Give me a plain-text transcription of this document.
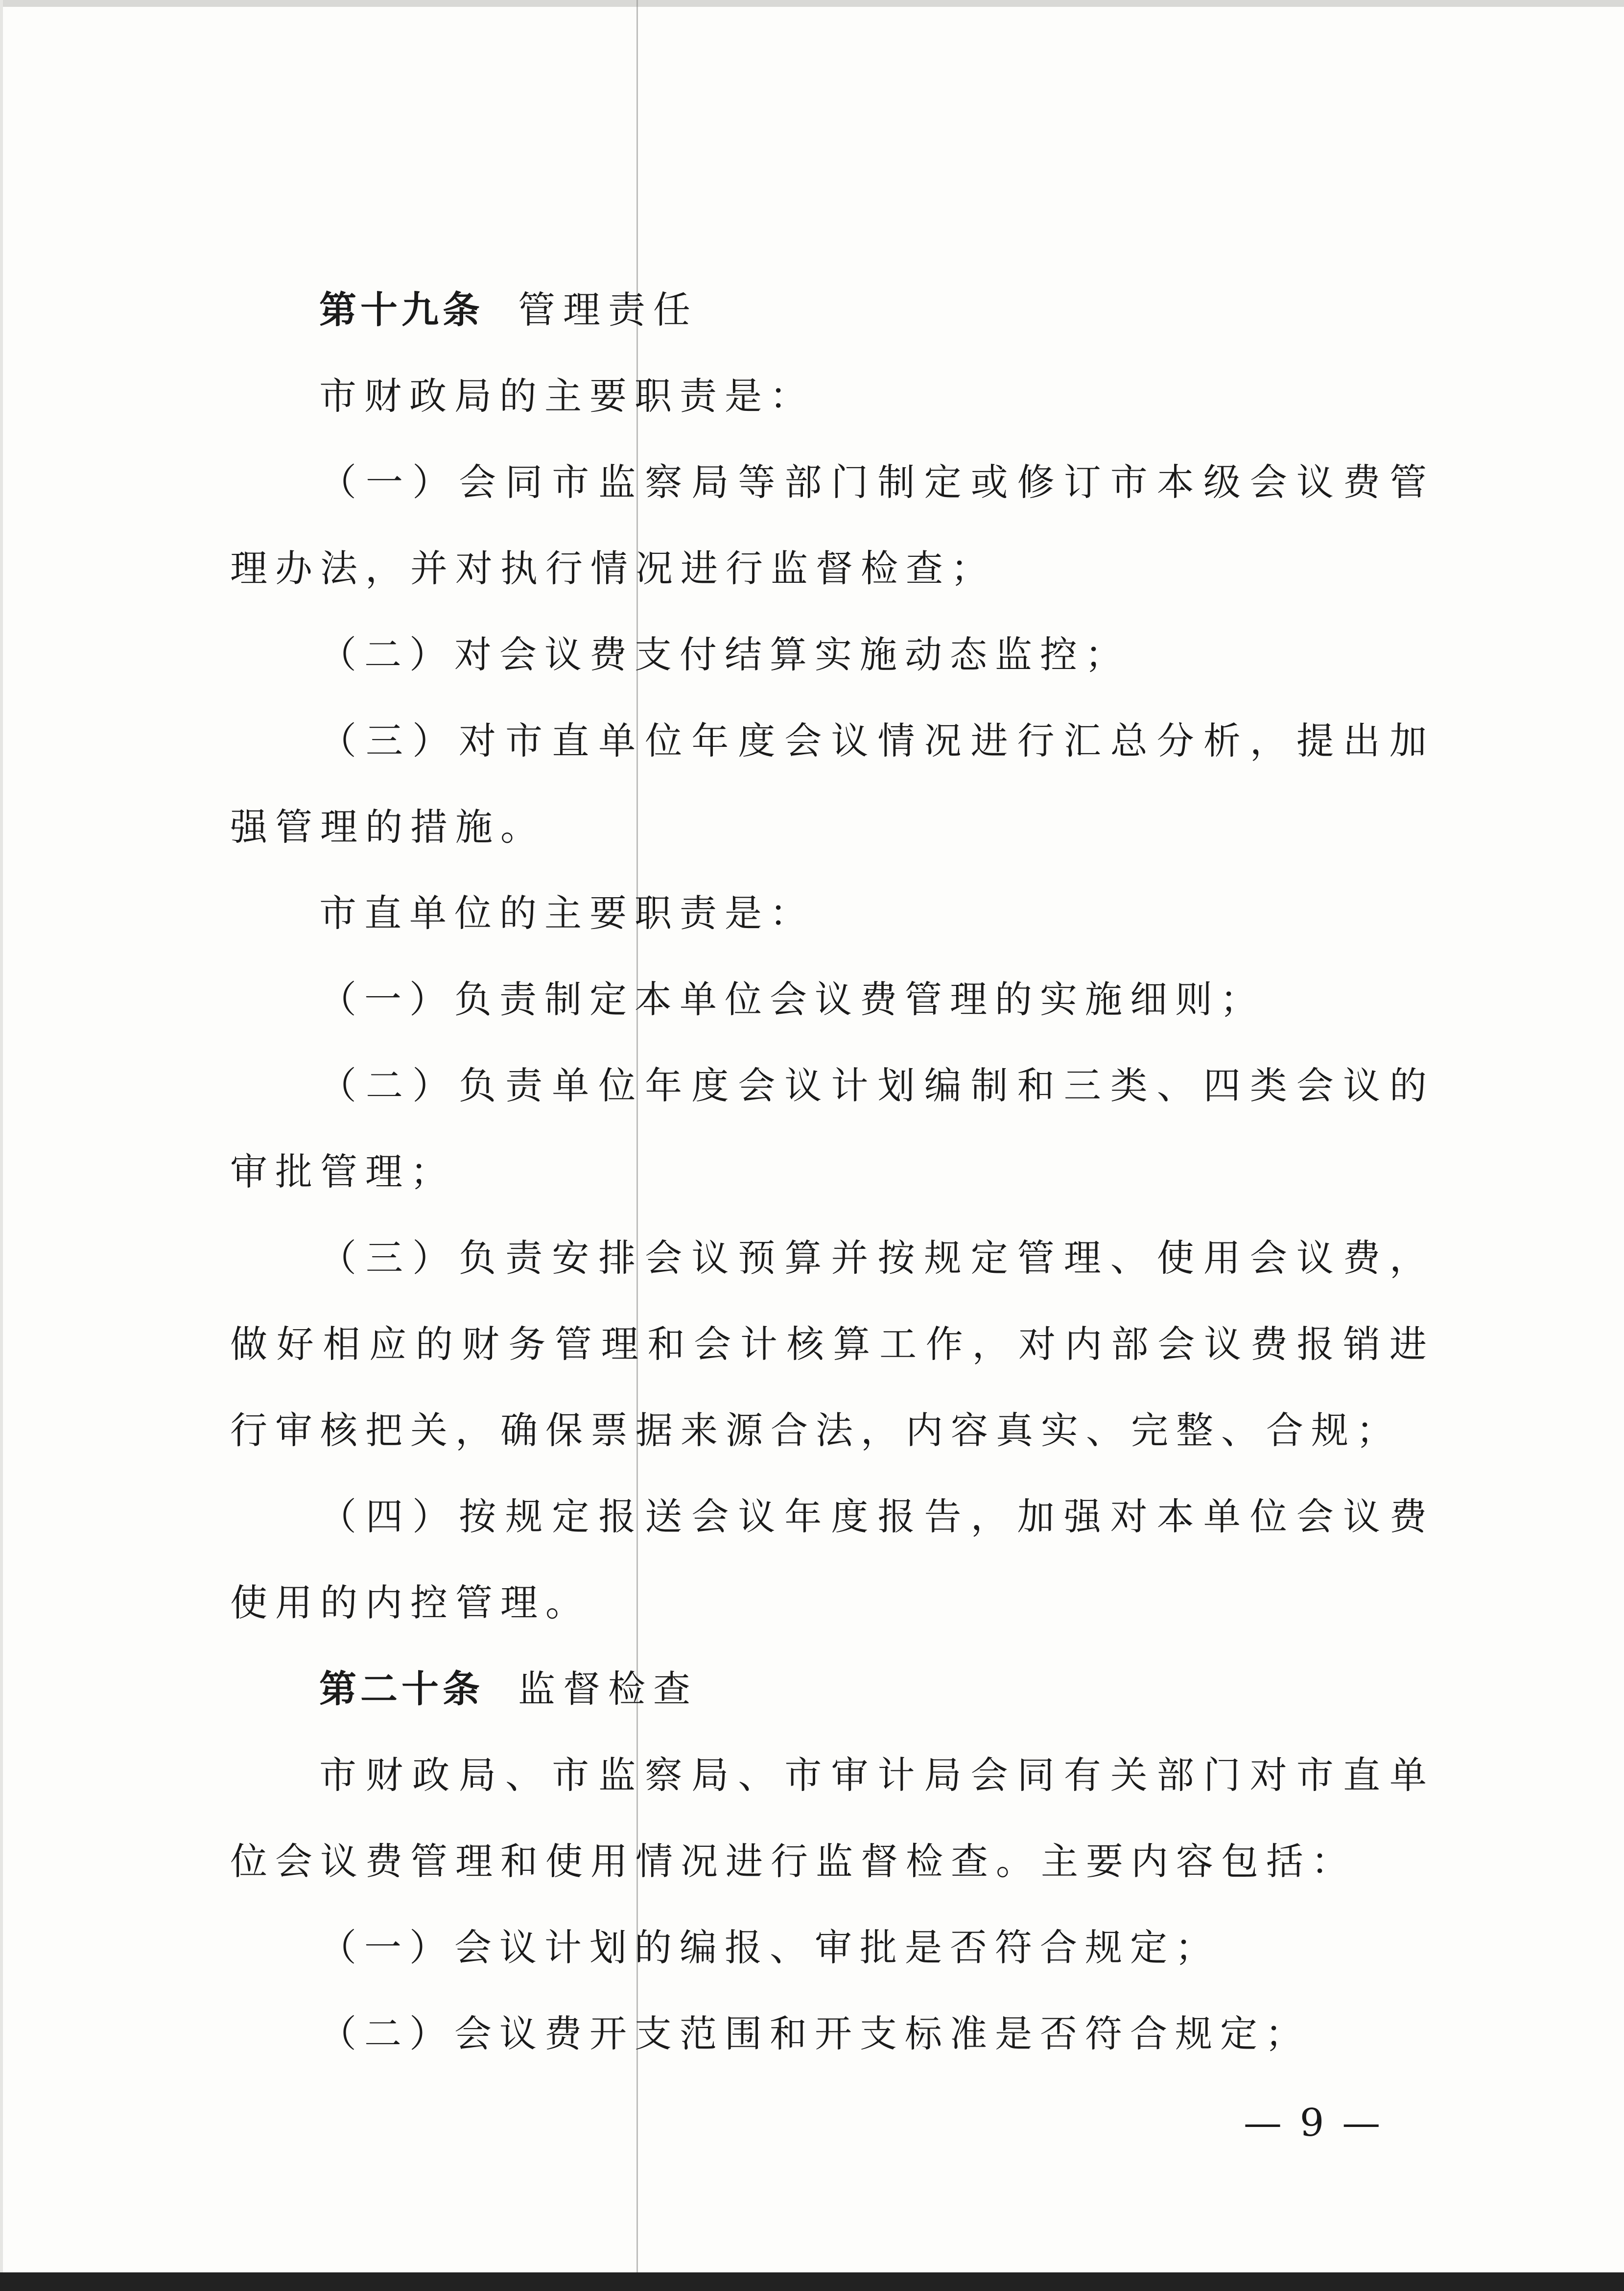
第十九条 管理责任

市财政局的主要职责是：

（一）会同市监察局等部门制定或修订市本级会议费管理办法，并对执行情况进行监督检查；

（二）对会议费支付结算实施动态监控；

（三）对市直单位年度会议情况进行汇总分析，提出加强管理的措施。

市直单位的主要职责是：

（一）负责制定本单位会议费管理的实施细则；

（二）负责单位年度会议计划编制和三类、四类会议的审批管理；

（三）负责安排会议预算并按规定管理、使用会议费，做好相应的财务管理和会计核算工作，对内部会议费报销进行审核把关，确保票据来源合法，内容真实、完整、合规；

（四）按规定报送会议年度报告，加强对本单位会议费使用的内控管理。

第二十条 监督检查

市财政局、市监察局、市审计局会同有关部门对市直单位会议费管理和使用情况进行监督检查。主要内容包括：

（一）会议计划的编报、审批是否符合规定；

（二）会议费开支范围和开支标准是否符合规定；

— 9 —
